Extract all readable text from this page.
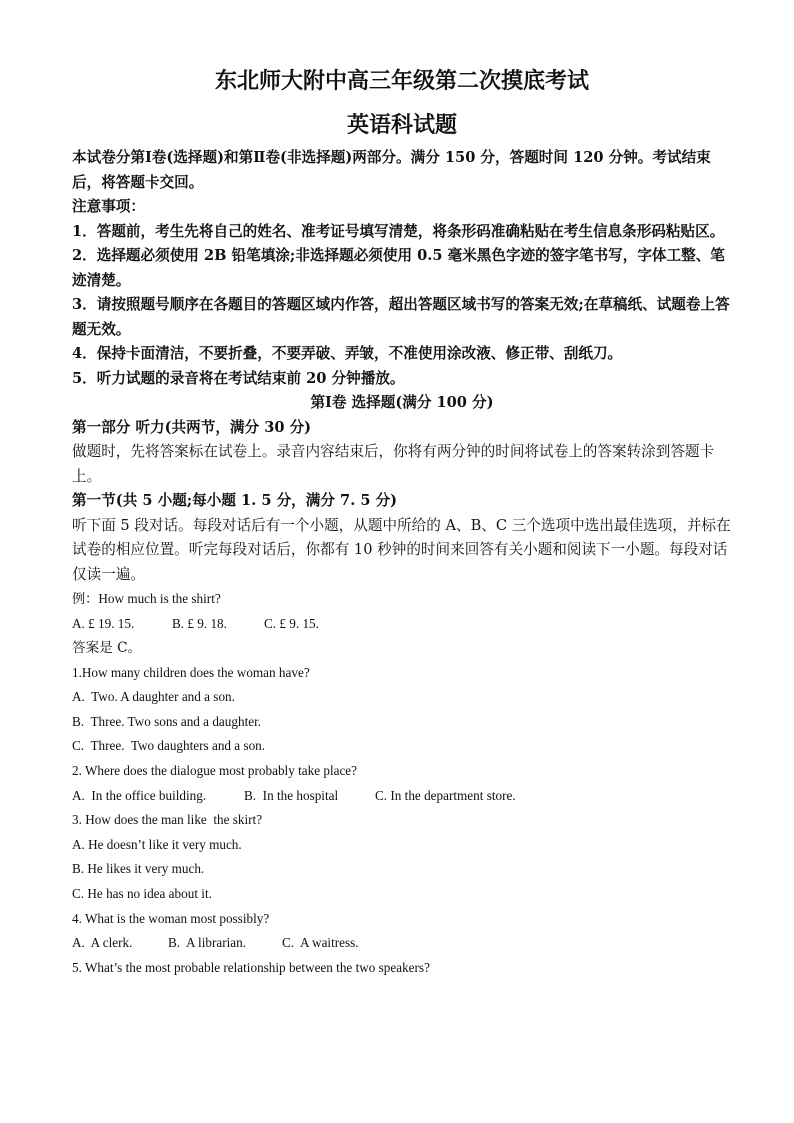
东北师大附中高三年级第二次摸底考试
英语科试题

本试卷分第Ⅰ卷(选择题)和第Ⅱ卷(非选择题)两部分。满分 150 分，答题时间 120 分钟。考试结束后，将答题卡交回。

注意事项：

1．答题前，考生先将自己的姓名、准考证号填写清楚，将条形码准确粘贴在考生信息条形码粘贴区。

2．选择题必须使用 2B 铅笔填涂;非选择题必须使用 0.5 毫米黑色字迹的签字笔书写，字体工整、笔迹清楚。

3．请按照题号顺序在各题目的答题区域内作答，超出答题区域书写的答案无效;在草稿纸、试题卷上答题无效。

4．保持卡面清洁，不要折叠，不要弄破、弄皱，不准使用涂改液、修正带、刮纸刀。

5．听力试题的录音将在考试结束前 20 分钟播放。

第Ⅰ卷 选择题(满分 100 分)

第一部分 听力(共两节，满分 30 分)

做题时，先将答案标在试卷上。录音内容结束后，你将有两分钟的时间将试卷上的答案转涂到答题卡上。

第一节(共 5 小题;每小题 1. 5 分，满分 7. 5 分)

听下面 5 段对话。每段对话后有一个小题，从题中所给的 A、B、C 三个选项中选出最佳选项，并标在试卷的相应位置。听完每段对话后，你都有 10 秒钟的时间来回答有关小题和阅读下一小题。每段对话仅读一遍。

例：How much is the shirt?

A. £ 19. 15.	B. £ 9. 18.	C. £ 9. 15.

答案是 C。

1.How many children does the woman have?

A.  Two. A daughter and a son.

B.  Three. Two sons and a daughter.

C.  Three.  Two daughters and a son.

2. Where does the dialogue most probably take place?

A.  In the office building.	B.  In the hospital	C. In the department store.

3. How does the man like  the skirt?

A. He doesn’t like it very much.

B. He likes it very much.

C. He has no idea about it.

4. What is the woman most possibly?

A.  A clerk.	B.  A librarian.	C.  A waitress.

5. What’s the most probable relationship between the two speakers?
